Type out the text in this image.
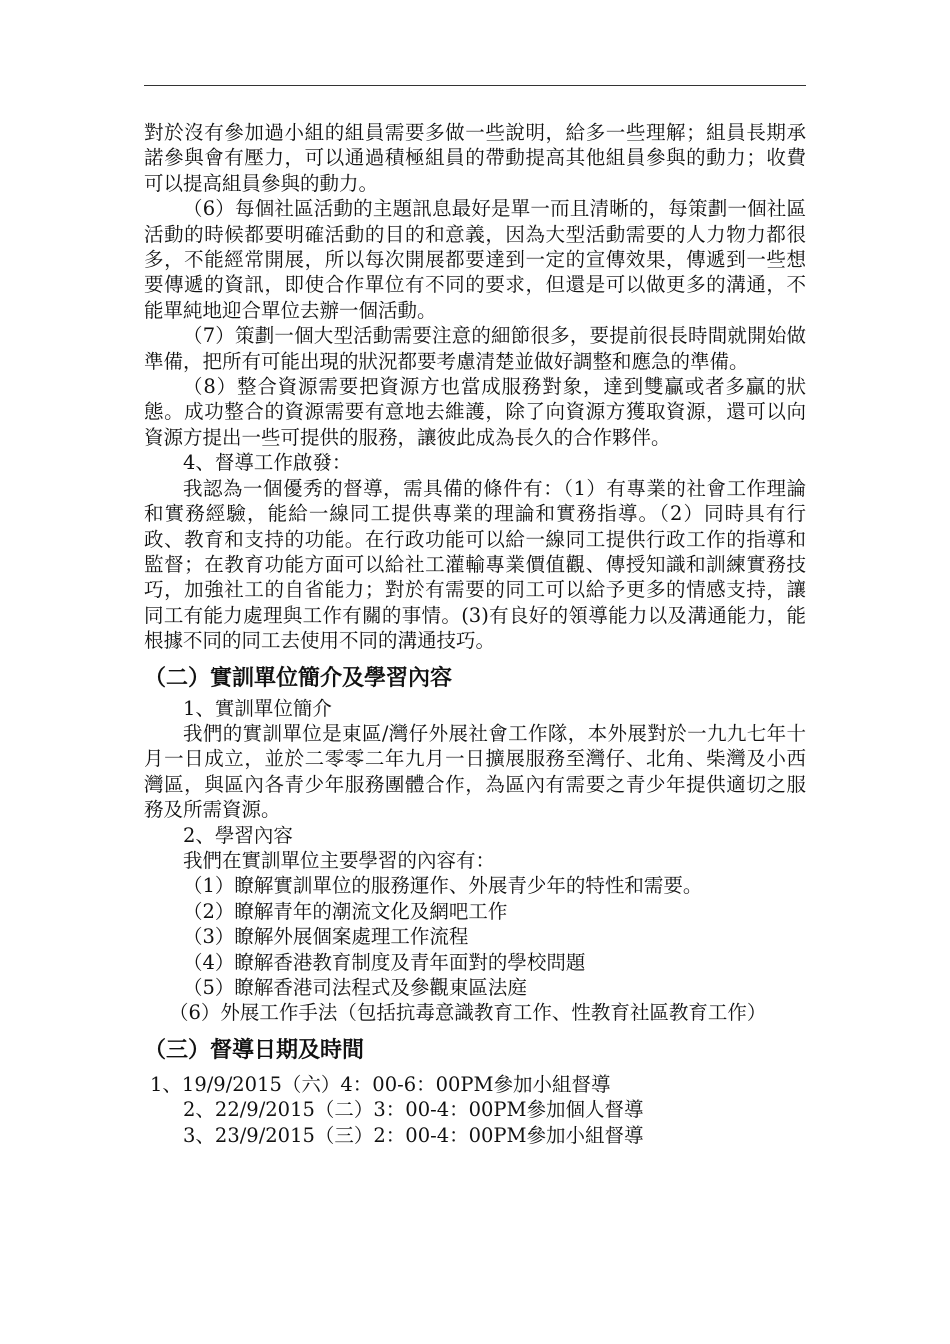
對於沒有參加過小組的組員需要多做一些說明，給多一些理解；組員長期承諾參與會有壓力，可以通過積極組員的帶動提高其他組員參與的動力；收費可以提高組員參與的動力。

（6）每個社區活動的主題訊息最好是單一而且清晰的，每策劃一個社區活動的時候都要明確活動的目的和意義，因為大型活動需要的人力物力都很多，不能經常開展，所以每次開展都要達到一定的宣傳效果，傳遞到一些想要傳遞的資訊，即使合作單位有不同的要求，但還是可以做更多的溝通，不能單純地迎合單位去辦一個活動。

（7）策劃一個大型活動需要注意的細節很多，要提前很長時間就開始做準備，把所有可能出現的狀況都要考慮清楚並做好調整和應急的準備。

（8）整合資源需要把資源方也當成服務對象，達到雙贏或者多贏的狀態。成功整合的資源需要有意地去維護，除了向資源方獲取資源，還可以向資源方提出一些可提供的服務，讓彼此成為長久的合作夥伴。

4、督導工作啟發：

我認為一個優秀的督導，需具備的條件有：（1）有專業的社會工作理論和實務經驗，能給一線同工提供專業的理論和實務指導。（2）同時具有行政、教育和支持的功能。在行政功能可以給一線同工提供行政工作的指導和監督；在教育功能方面可以給社工灌輸專業價值觀、傳授知識和訓練實務技巧，加強社工的自省能力；對於有需要的同工可以給予更多的情感支持，讓同工有能力處理與工作有關的事情。(3)有良好的領導能力以及溝通能力，能根據不同的同工去使用不同的溝通技巧。

（二）實訓單位簡介及學習內容

1、實訓單位簡介

我們的實訓單位是東區/灣仔外展社會工作隊，本外展對於一九九七年十月一日成立，並於二零零二年九月一日擴展服務至灣仔、北角、柴灣及小西灣區，與區內各青少年服務團體合作，為區內有需要之青少年提供適切之服務及所需資源。

2、學習內容

我們在實訓單位主要學習的內容有：

（1）瞭解實訓單位的服務運作、外展青少年的特性和需要。

（2）瞭解青年的潮流文化及網吧工作

（3）瞭解外展個案處理工作流程

（4）瞭解香港教育制度及青年面對的學校問題

（5）瞭解香港司法程式及參觀東區法庭

（6）外展工作手法（包括抗毒意識教育工作、性教育社區教育工作）

（三）督導日期及時間

1、19/9/2015（六）4：00-6：00PM參加小組督導

2、22/9/2015（二）3：00-4：00PM參加個人督導

3、23/9/2015（三）2：00-4：00PM參加小組督導
